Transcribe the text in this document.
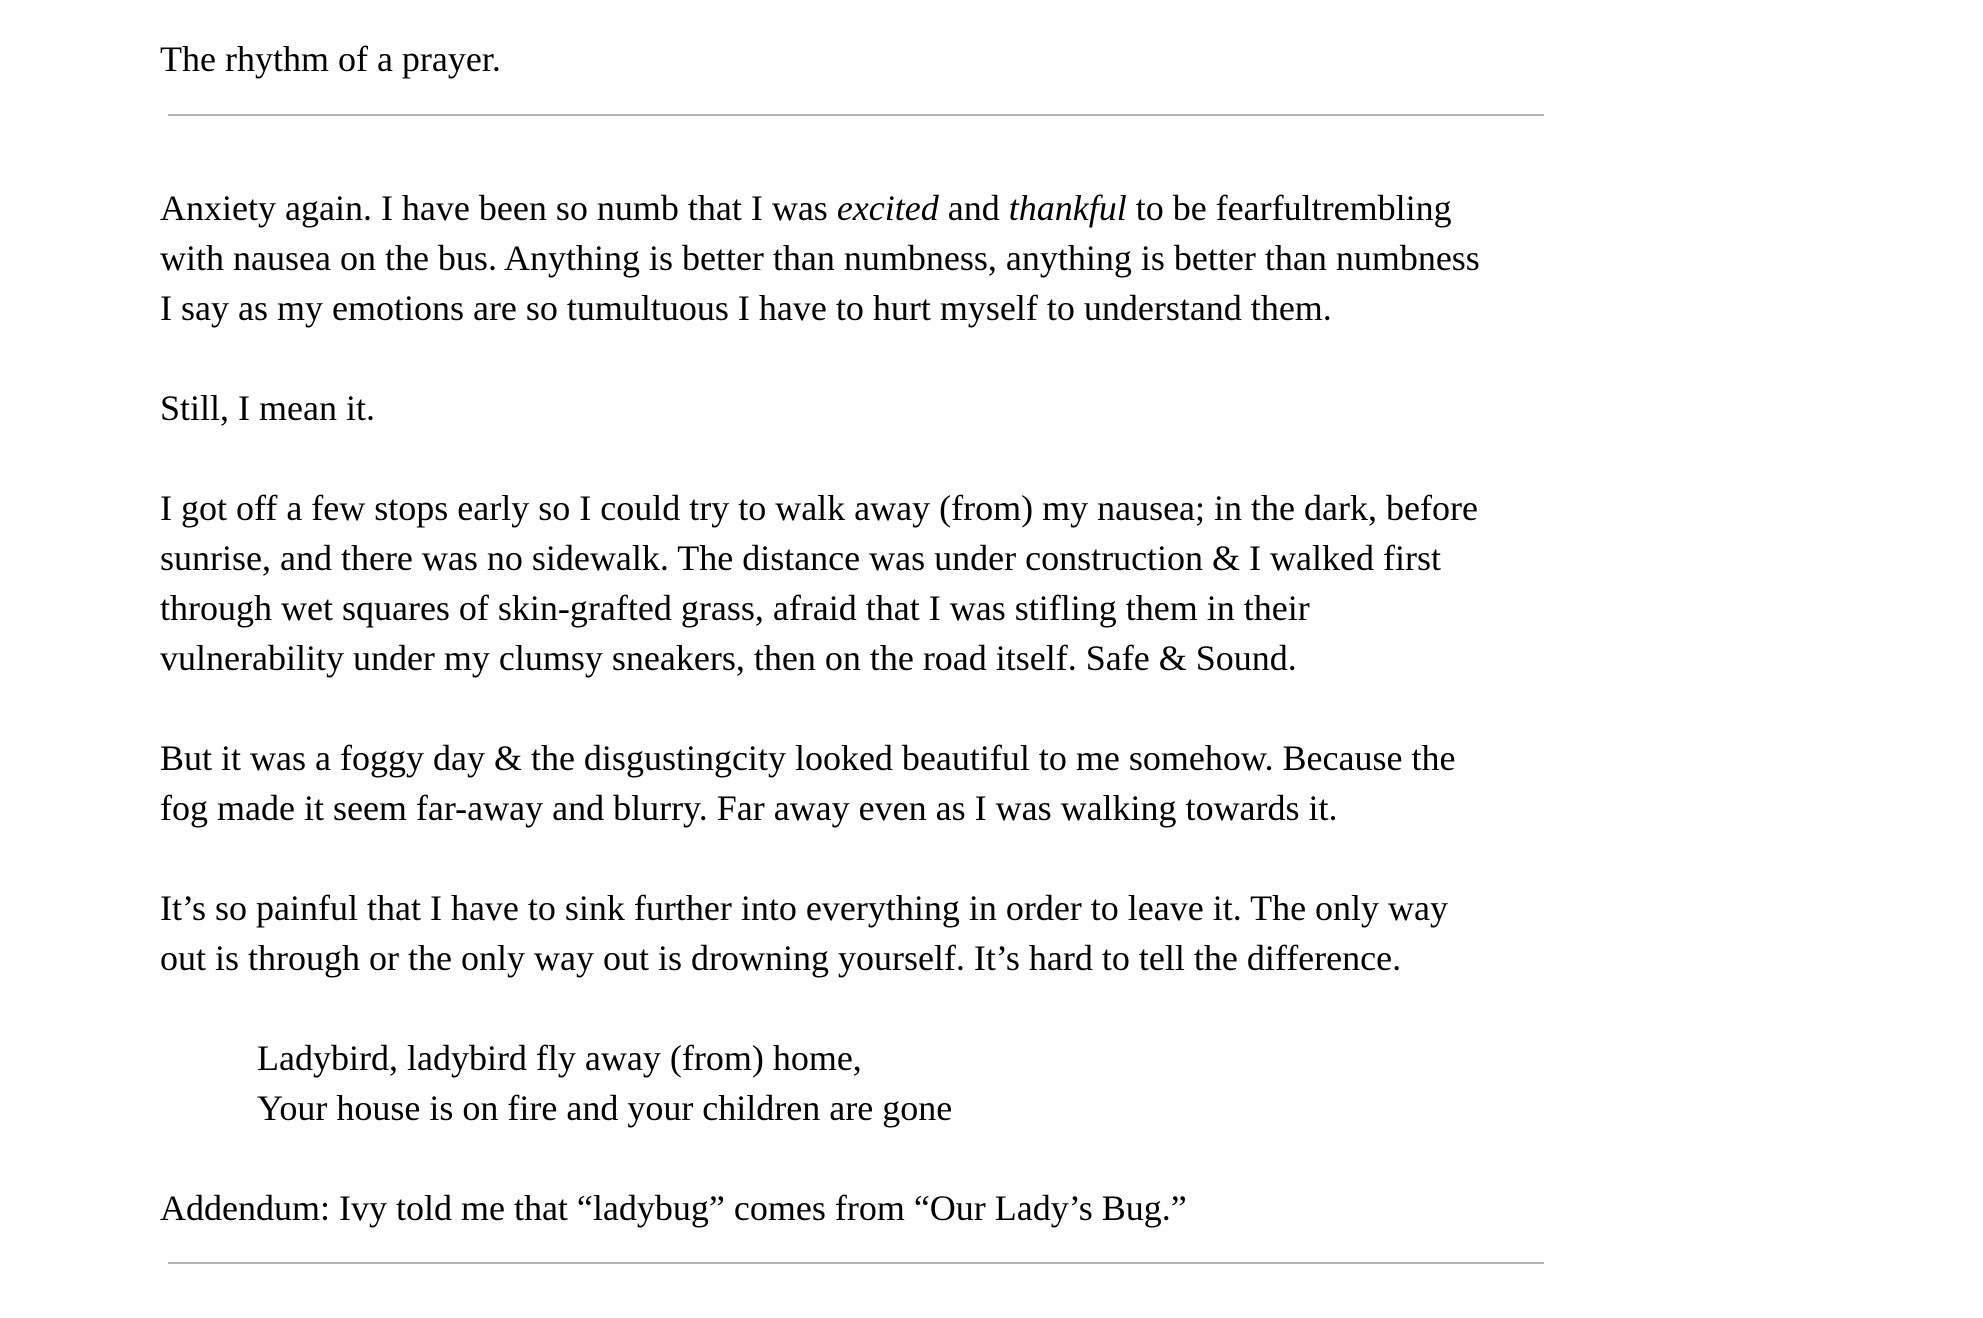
The rhythm of a prayer.

Anxiety again. I have been so numb that I was excited and thankful to be fearfultrembling
with nausea on the bus. Anything is better than numbness, anything is better than numbness
I say as my emotions are so tumultuous I have to hurt myself to understand them.
Still, I mean it.
I got off a few stops early so I could try to walk away (from) my nausea; in the dark, before
sunrise, and there was no sidewalk. The distance was under construction & I walked first
through wet squares of skin-grafted grass, afraid that I was stifling them in their
vulnerability under my clumsy sneakers, then on the road itself. Safe & Sound.
But it was a foggy day & the disgustingcity looked beautiful to me somehow. Because the
fog made it seem far-away and blurry. Far away even as I was walking towards it.
It’s so painful that I have to sink further into everything in order to leave it. The only way
out is through or the only way out is drowning yourself. It’s hard to tell the difference.
Ladybird, ladybird fly away (from) home,
Your house is on fire and your children are gone

Addendum: Ivy told me that “ladybug” comes from “Our Lady’s Bug.”
